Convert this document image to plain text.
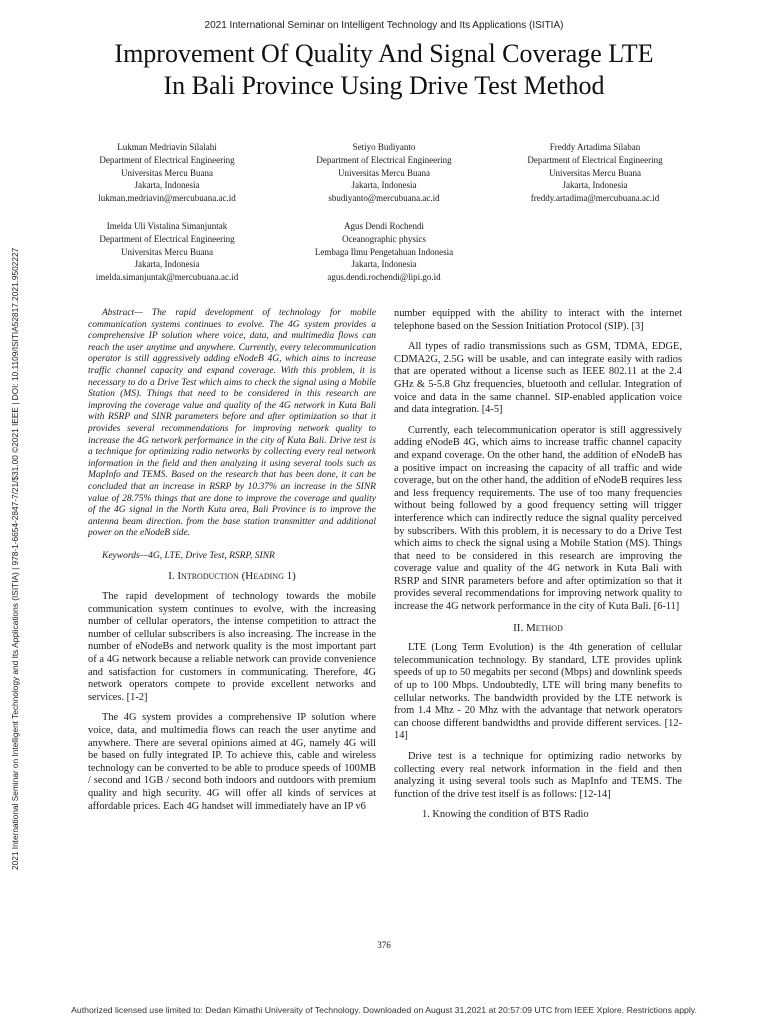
2021 International Seminar on Intelligent Technology and Its Applications (ISITIA)
Improvement Of Quality And Signal Coverage LTE
In Bali Province Using Drive Test Method
2021 International Seminar on Intelligent Technology and Its Applications (ISITIA) | 978-1-6654-2847-7/21/$31.00 ©2021 IEEE | DOI: 10.1109/ISITIA52817.2021.9502227
Lukman Medriavin Silalahi
Department of Electrical Engineering
Universitas Mercu Buana
Jakarta, Indonesia
lukman.medriavin@mercubuana.ac.id
Setiyo Budiyanto
Department of Electrical Engineering
Universitas Mercu Buana
Jakarta, Indonesia
sbudiyanto@mercubuana.ac.id
Freddy Artadima Silaban
Department of Electrical Engineering
Universitas Mercu Buana
Jakarta, Indonesia
freddy.artadima@mercubuana.ac.id
Imelda Uli Vistalina Simanjuntak
Department of Electrical Engineering
Universitas Mercu Buana
Jakarta, Indonesia
imelda.simanjuntak@mercubuana.ac.id
Agus Dendi Rochendi
Oceanographic physics
Lembaga Ilmu Pengetahuan Indonesia
Jakarta, Indonesia
agus.dendi.rochendi@lipi.go.id

Abstract— The rapid development of technology for mobile communication systems continues to evolve. The 4G system provides a comprehensive IP solution where voice, data, and multimedia flows can reach the user anytime and anywhere. Currently, every telecommunication operator is still aggressively adding eNodeB 4G, which aims to increase traffic channel capacity and expand coverage. With this problem, it is necessary to do a Drive Test which aims to check the signal using a Mobile Station (MS). Things that need to be considered in this research are improving the coverage value and quality of the 4G network in Kuta Bali with RSRP and SINR parameters before and after optimization so that it provides several recommendations for improving network quality to increase the 4G network performance in the city of Kuta Bali. Drive test is a technique for optimizing radio networks by collecting every real network information in the field and then analyzing it using several tools such as MapInfo and TEMS. Based on the research that has been done, it can be concluded that an increase in RSRP by 10.37% an increase in the SINR value of 28.75% things that are done to improve the coverage and quality of the 4G signal in the North Kuta area, Bali Province is to improve the antenna beam direction. from the base station transmitter and additional power on the eNodeB side.

Keywords—4G, LTE, Drive Test, RSRP, SINR

I. Introduction (Heading 1)

The rapid development of technology towards the mobile communication system continues to evolve, with the increasing number of cellular operators, the intense competition to attract the number of cellular subscribers is also increasing. The increase in the number of eNodeBs and network quality is the most important part of a 4G network because a reliable network can provide convenience and satisfaction for customers in communicating. Therefore, 4G network operators compete to provide excellent networks and services. [1-2]

The 4G system provides a comprehensive IP solution where voice, data, and multimedia flows can reach the user anytime and anywhere. There are several opinions aimed at 4G, namely 4G will be based on fully integrated IP. To achieve this, cable and wireless technology can be converted to be able to produce speeds of 100MB / second and 1GB / second both indoors and outdoors with premium quality and high security. 4G will offer all kinds of services at affordable prices. Each 4G handset will immediately have an IP v6

number equipped with the ability to interact with the internet telephone based on the Session Initiation Protocol (SIP). [3]

All types of radio transmissions such as GSM, TDMA, EDGE, CDMA2G, 2.5G will be usable, and can integrate easily with radios that are operated without a license such as IEEE 802.11 at the 2.4 GHz & 5-5.8 Ghz frequencies, bluetooth and cellular. Integration of voice and data in the same channel. SIP-enabled application voice and data integration. [4-5]

Currently, each telecommunication operator is still aggressively adding eNodeB 4G, which aims to increase traffic channel capacity and expand coverage. On the other hand, the addition of eNodeB has a positive impact on increasing the capacity of all traffic and wide coverage, but on the other hand, the addition of eNodeB requires less and less frequency requirements. The use of too many frequencies without being followed by a good frequency setting will trigger interference which can indirectly reduce the signal quality perceived by subscribers. With this problem, it is necessary to do a Drive Test which aims to check the signal using a Mobile Station (MS). Things that need to be considered in this research are improving the coverage value and quality of the 4G network in Kuta Bali with RSRP and SINR parameters before and after optimization so that it provides several recommendations for improving network quality to increase the 4G network performance in the city of Kuta Bali. [6-11]

II. Method

LTE (Long Term Evolution) is the 4th generation of cellular telecommunication technology. By standard, LTE provides uplink speeds of up to 50 megabits per second (Mbps) and downlink speeds of up to 100 Mbps. Undoubtedly, LTE will bring many benefits to cellular networks. The bandwidth provided by the LTE network is from 1.4 Mhz - 20 Mhz with the advantage that network operators can choose different bandwidths and provide different services. [12-14]

Drive test is a technique for optimizing radio networks by collecting every real network information in the field and then analyzing it using several tools such as MapInfo and TEMS. The function of the drive test itself is as follows: [12-14]

1. Knowing the condition of BTS Radio

376
Authorized licensed use limited to: Dedan Kimathi University of Technology. Downloaded on August 31,2021 at 20:57:09 UTC from IEEE Xplore. Restrictions apply.
